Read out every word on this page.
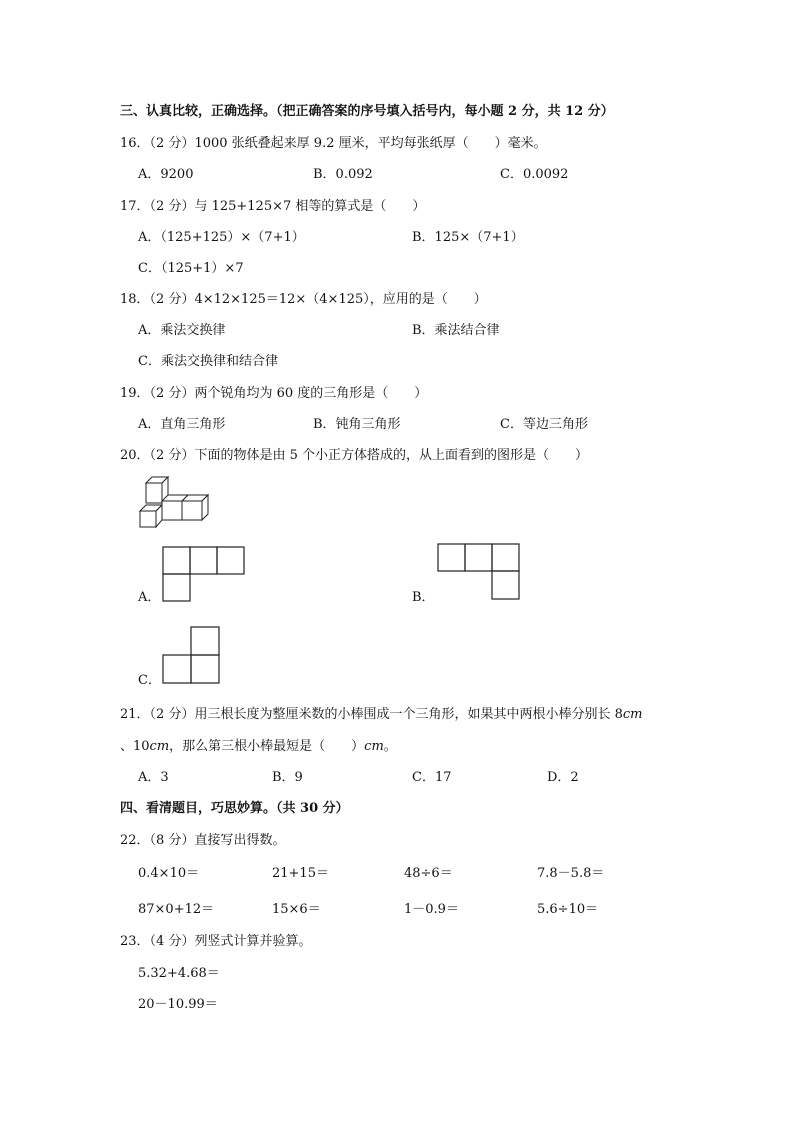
三、认真比较，正确选择。（把正确答案的序号填入括号内，每小题 2 分，共 12 分）
16．（2 分）1000 张纸叠起来厚 9.2 厘米，平均每张纸厚（　　）毫米。
A．9200	B．0.092	C．0.0092
17．（2 分）与 125+125×7 相等的算式是（　　）
A．（125+125）×（7+1）	B．125×（7+1）
C．（125+1）×7
18．（2 分）4×12×125＝12×（4×125），应用的是（　　）
A．乘法交换律	B．乘法结合律
C．乘法交换律和结合律
19．（2 分）两个锐角均为 60 度的三角形是（　　）
A．直角三角形	B．钝角三角形	C．等边三角形
20．（2 分）下面的物体是由 5 个小正方体搭成的，从上面看到的图形是（　　）
A．	B．
C．
21．（2 分）用三根长度为整厘米数的小棒围成一个三角形，如果其中两根小棒分别长 8cm
、10cm，那么第三根小棒最短是（　　）cm。
A．3	B．9	C．17	D．2
四、看清题目，巧思妙算。（共 30 分）
22．（8 分）直接写出得数。
0.4×10＝	21+15＝	48÷6＝	7.8－5.8＝
87×0+12＝	15×6＝	1－0.9＝	5.6÷10＝
23．（4 分）列竖式计算并验算。
5.32+4.68＝
20－10.99＝
